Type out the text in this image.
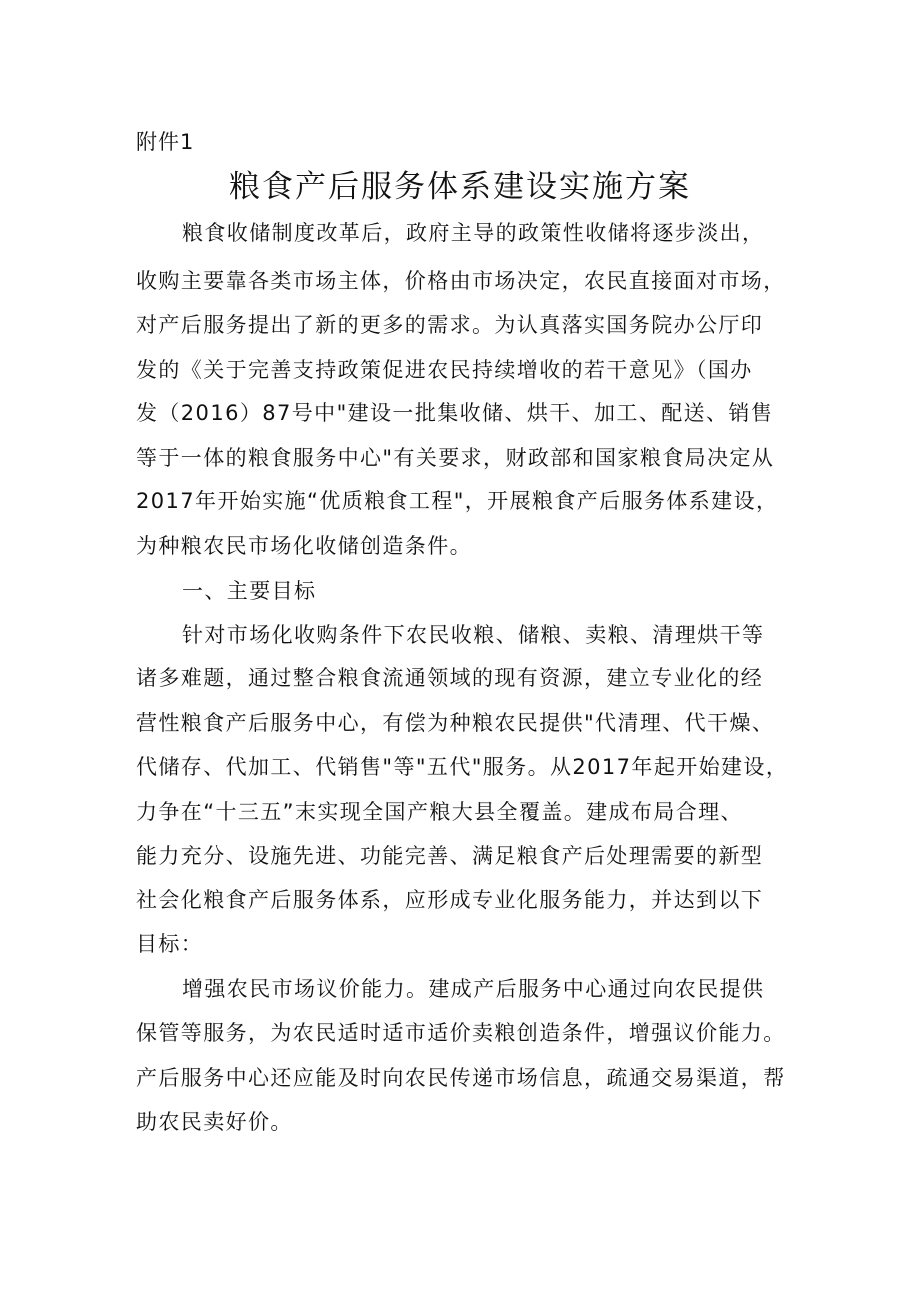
附件1
粮食产后服务体系建设实施方案
粮食收储制度改革后，政府主导的政策性收储将逐步淡出，
收购主要靠各类市场主体，价格由市场决定，农民直接面对市场，
对产后服务提出了新的更多的需求。为认真落实国务院办公厅印
发的《关于完善支持政策促进农民持续增收的若干意见》（国办
发（2016）87号中"建设一批集收储、烘干、加工、配送、销售
等于一体的粮食服务中心"有关要求，财政部和国家粮食局决定从
2017年开始实施“优质粮食工程"，开展粮食产后服务体系建设，
为种粮农民市场化收储创造条件。
一、主要目标
针对市场化收购条件下农民收粮、储粮、卖粮、清理烘干等
诸多难题，通过整合粮食流通领域的现有资源，建立专业化的经
营性粮食产后服务中心，有偿为种粮农民提供"代清理、代干燥、
代储存、代加工、代销售"等"五代"服务。从2017年起开始建设，
力争在“十三五”末实现全国产粮大县全覆盖。建成布局合理、
能力充分、设施先进、功能完善、满足粮食产后处理需要的新型
社会化粮食产后服务体系，应形成专业化服务能力，并达到以下
目标：
增强农民市场议价能力。建成产后服务中心通过向农民提供
保管等服务，为农民适时适市适价卖粮创造条件，增强议价能力。
产后服务中心还应能及时向农民传递市场信息，疏通交易渠道，帮
助农民卖好价。
